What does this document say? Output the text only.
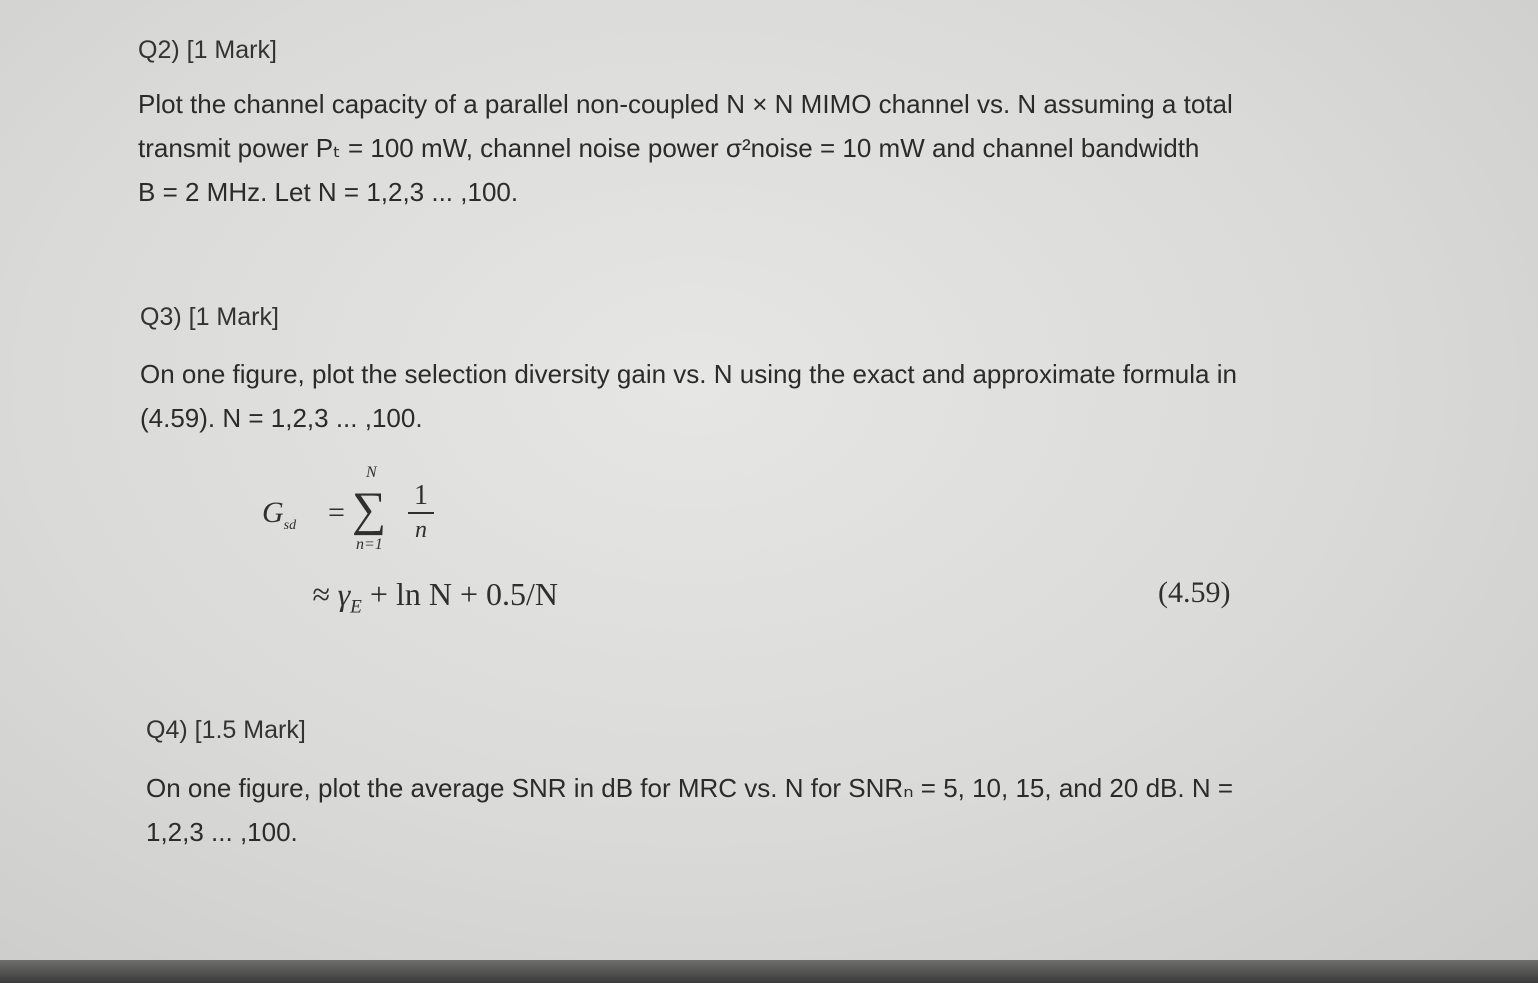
Q2) [1 Mark]
Plot the channel capacity of a parallel non-coupled N × N MIMO channel vs. N assuming a total
transmit power Pₜ = 100 mW, channel noise power σ²noise = 10 mW and channel bandwidth
B = 2 MHz. Let N = 1,2,3 ... ,100.
Q3) [1 Mark]
On one figure, plot the selection diversity gain vs. N using the exact and approximate formula in
(4.59). N = 1,2,3 ... ,100.
$G_{sd}$ =
N
∑
n=1
1
n
≈ $\gamma_E + \ln N + 0.5/N$	(4.59)
Q4) [1.5 Mark]
On one figure, plot the average SNR in dB for MRC vs. N for SNRₙ = 5, 10, 15, and 20 dB. N =
1,2,3 ... ,100.
